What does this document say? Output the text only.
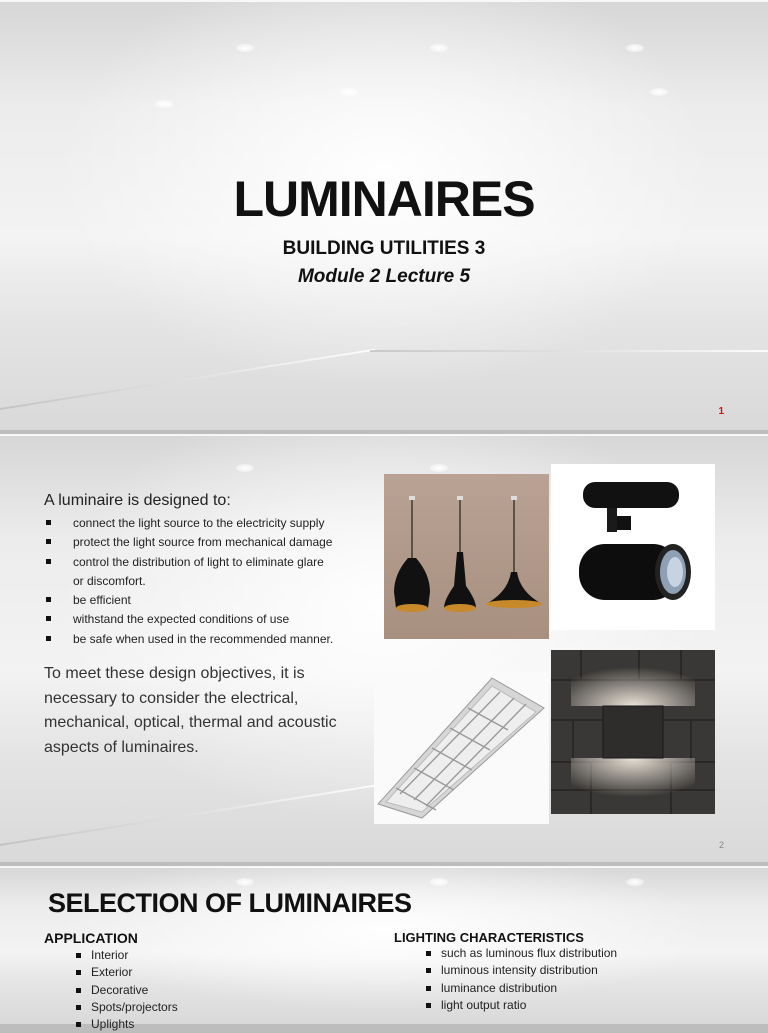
LUMINAIRES
BUILDING UTILITIES 3
Module 2 Lecture 5
1
A luminaire is designed to:
connect the light source to the electricity supply
protect the light source from mechanical damage
control the distribution of light to eliminate glare
or discomfort.
be efficient
withstand the expected conditions of use
be safe when used in the recommended manner.
To meet these design objectives, it is necessary to consider the electrical, mechanical, optical, thermal and acoustic aspects of luminaires.
2
SELECTION OF LUMINAIRES
APPLICATION
Interior
Exterior
Decorative
Spots/projectors
Uplights
LIGHTING CHARACTERISTICS
such as luminous flux distribution
luminous intensity distribution
luminance distribution
light output ratio
